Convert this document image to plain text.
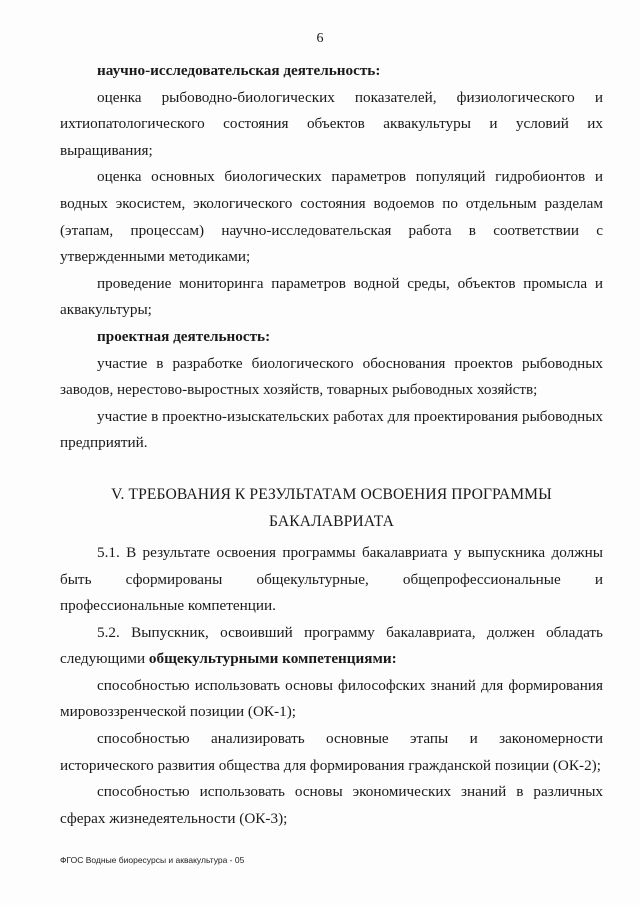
6

научно-исследовательская деятельность:

оценка рыбоводно-биологических показателей, физиологического и ихтиопатологического состояния объектов аквакультуры и условий их выращивания;

оценка основных биологических параметров популяций гидробионтов и водных экосистем, экологического состояния водоемов по отдельным разделам (этапам, процессам) научно-исследовательская работа в соответствии с утвержденными методиками;

проведение мониторинга параметров водной среды, объектов промысла и аквакультуры;

проектная деятельность:

участие в разработке биологического обоснования проектов рыбоводных заводов, нерестово-выростных хозяйств, товарных рыбоводных хозяйств;

участие в проектно-изыскательских работах для проектирования рыбоводных предприятий.

V. ТРЕБОВАНИЯ К РЕЗУЛЬТАТАМ ОСВОЕНИЯ ПРОГРАММЫ
БАКАЛАВРИАТА

5.1. В результате освоения программы бакалавриата у выпускника должны быть сформированы общекультурные, общепрофессиональные и профессиональные компетенции.

5.2. Выпускник, освоивший программу бакалавриата, должен обладать следующими общекультурными компетенциями:

способностью использовать основы философских знаний для формирования мировоззренческой позиции (ОК-1);

способностью анализировать основные этапы и закономерности исторического развития общества для формирования гражданской позиции (ОК-2);

способностью использовать основы экономических знаний в различных сферах жизнедеятельности (ОК-3);

ФГОС Водные биоресурсы и аквакультура - 05
